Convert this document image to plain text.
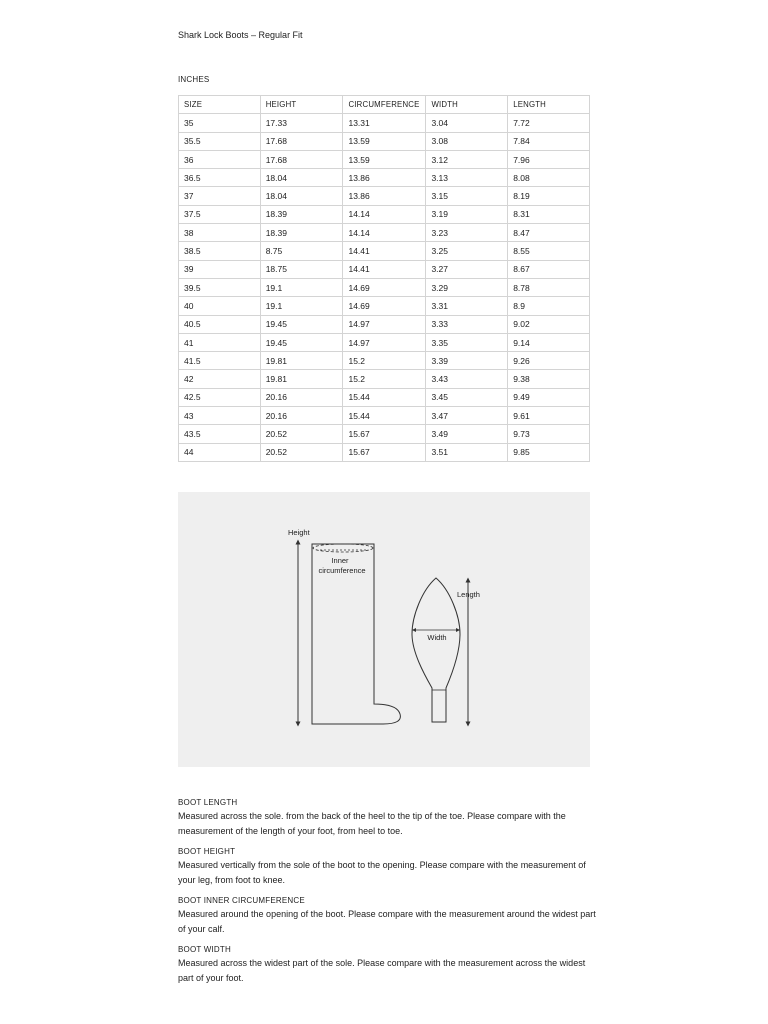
Shark Lock Boots – Regular Fit
INCHES
SIZE	HEIGHT	CIRCUMFERENCE	WIDTH	LENGTH
35	17.33	13.31	3.04	7.72
35.5	17.68	13.59	3.08	7.84
36	17.68	13.59	3.12	7.96
36.5	18.04	13.86	3.13	8.08
37	18.04	13.86	3.15	8.19
37.5	18.39	14.14	3.19	8.31
38	18.39	14.14	3.23	8.47
38.5	8.75	14.41	3.25	8.55
39	18.75	14.41	3.27	8.67
39.5	19.1	14.69	3.29	8.78
40	19.1	14.69	3.31	8.9
40.5	19.45	14.97	3.33	9.02
41	19.45	14.97	3.35	9.14
41.5	19.81	15.2	3.39	9.26
42	19.81	15.2	3.43	9.38
42.5	20.16	15.44	3.45	9.49
43	20.16	15.44	3.47	9.61
43.5	20.52	15.67	3.49	9.73
44	20.52	15.67	3.51	9.85
Height
Inner
circumference
Width
Length
BOOT LENGTH
Measured across the sole. from the back of the heel to the tip of the toe. Please compare with the measurement of the length of your foot, from heel to toe.
BOOT HEIGHT
Measured vertically from the sole of the boot to the opening. Please compare with the measurement of your leg, from foot to knee.
BOOT INNER CIRCUMFERENCE
Measured around the opening of the boot. Please compare with the measurement around the widest part of your calf.
BOOT WIDTH
Measured across the widest part of the sole. Please compare with the measurement across the widest part of your foot.
